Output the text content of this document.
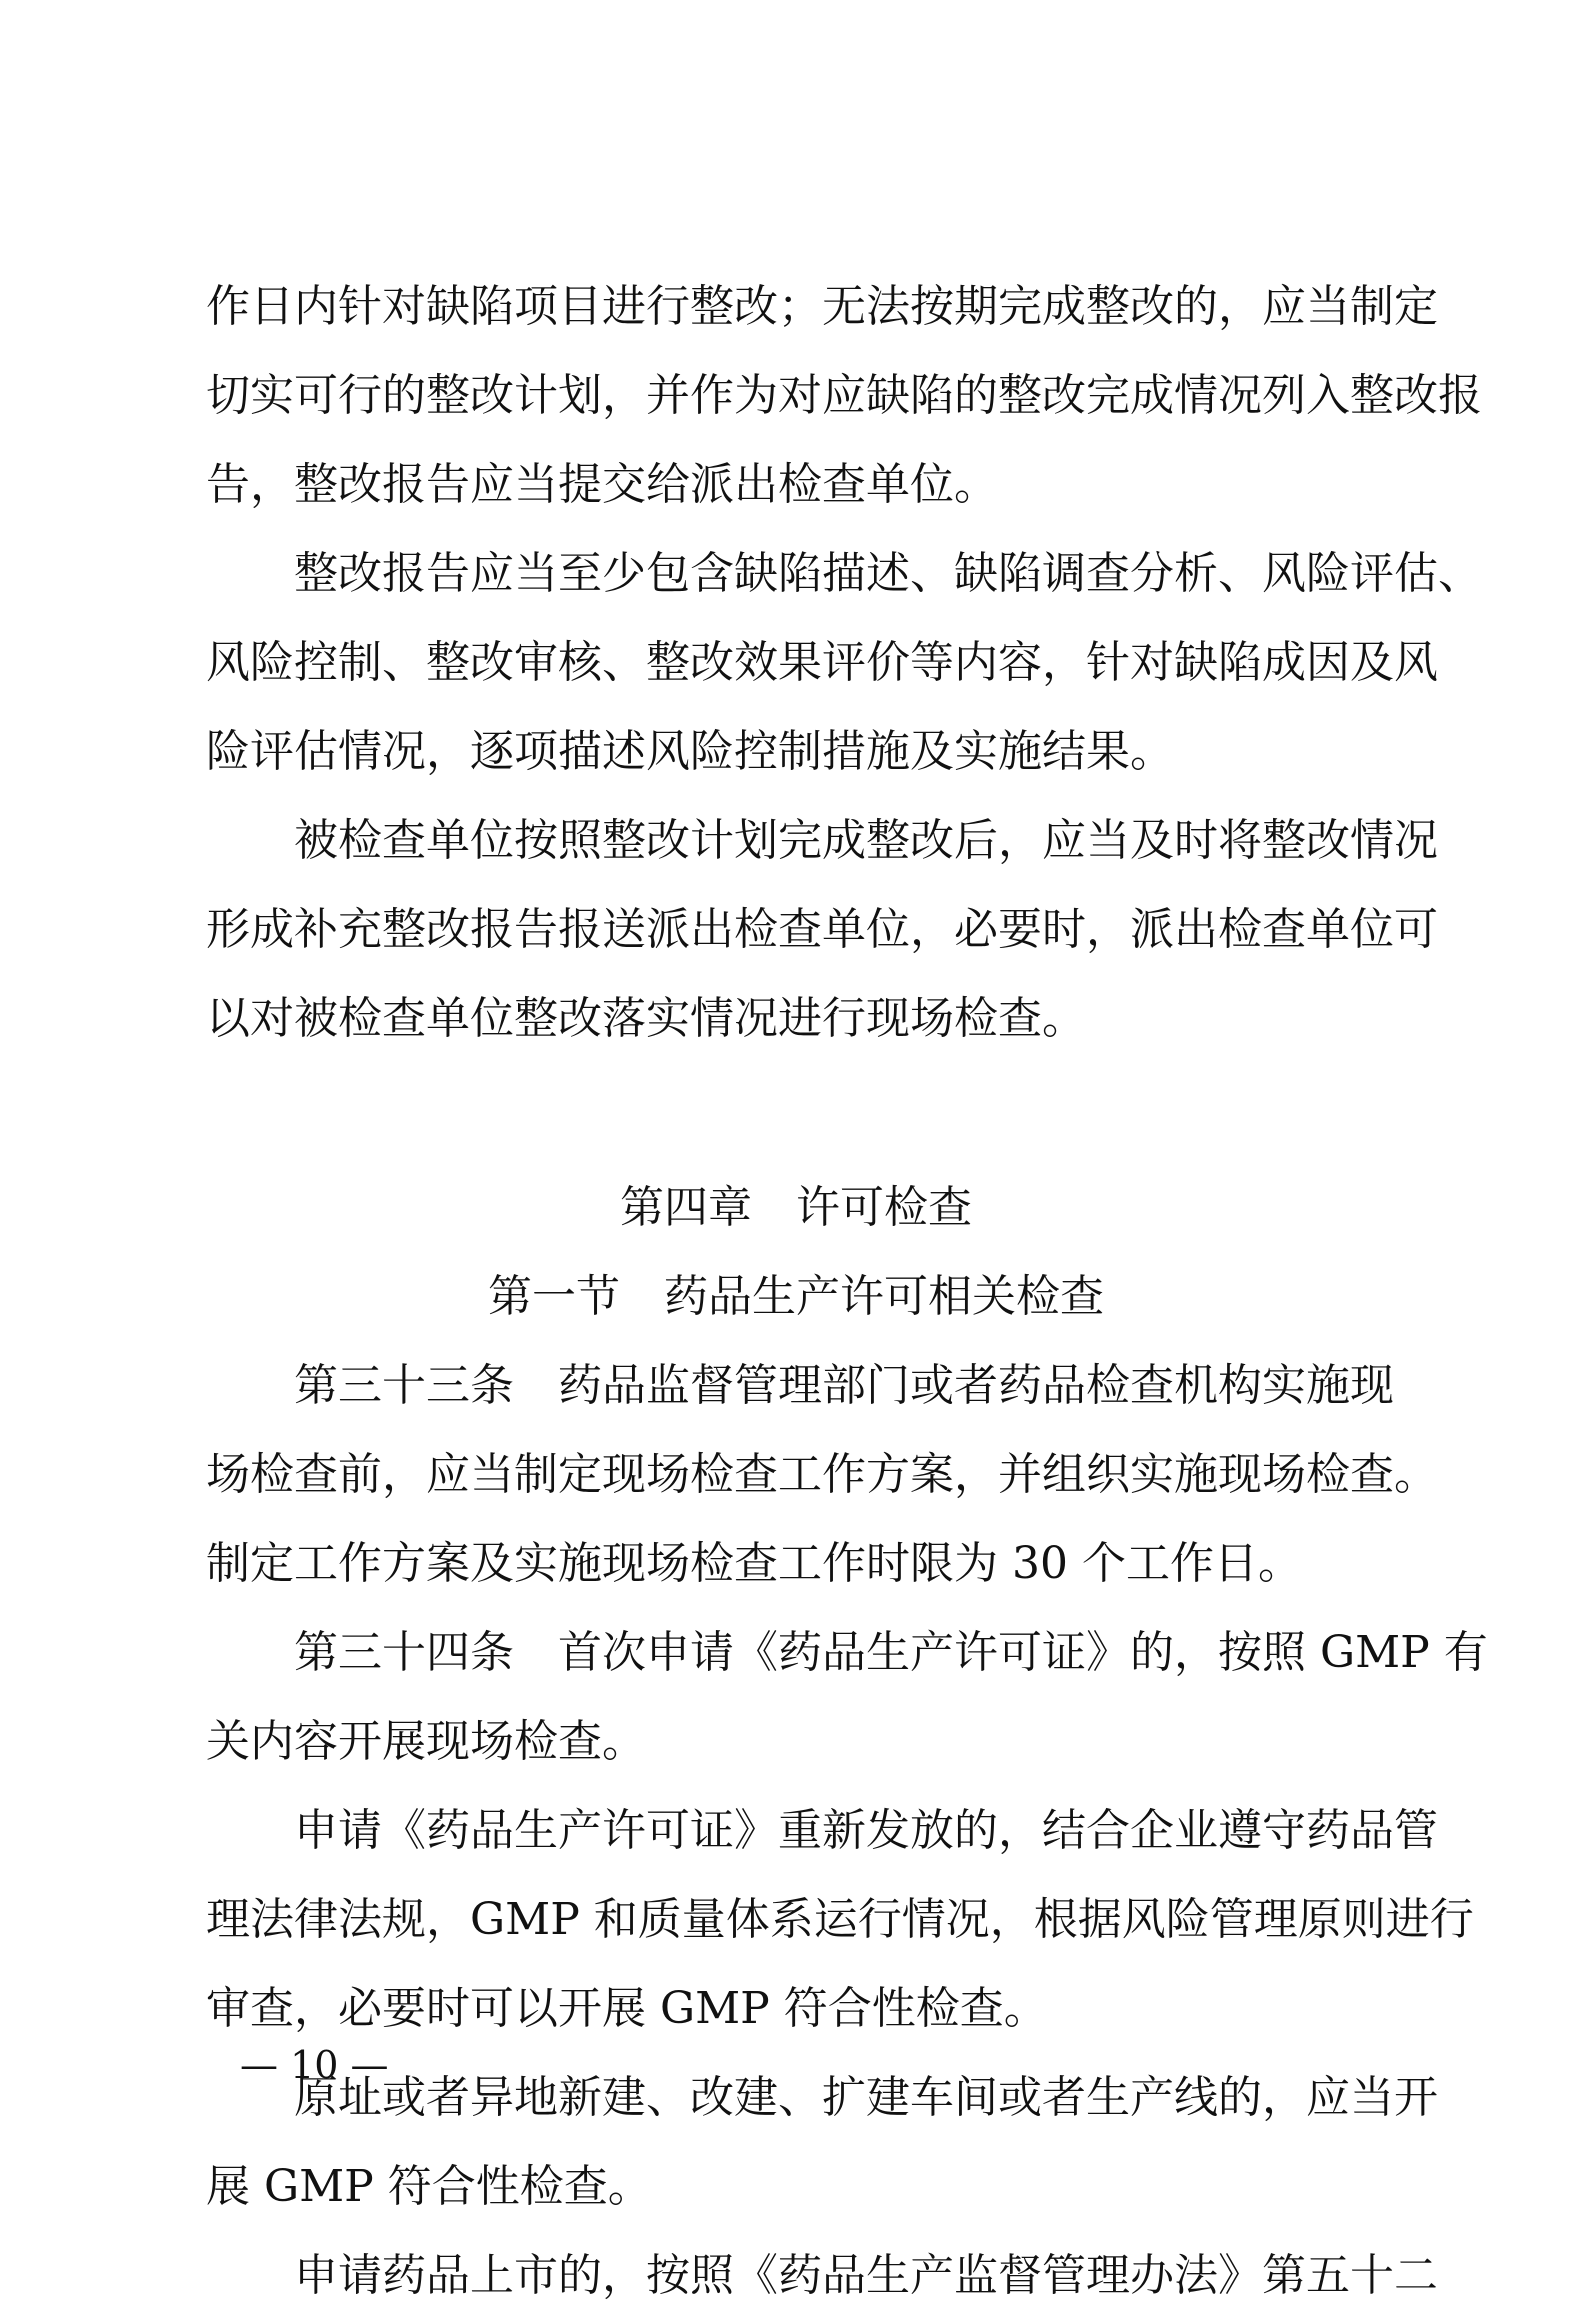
作日内针对缺陷项目进行整改；无法按期完成整改的，应当制定
切实可行的整改计划，并作为对应缺陷的整改完成情况列入整改报
告，整改报告应当提交给派出检查单位。
整改报告应当至少包含缺陷描述、缺陷调查分析、风险评估、
风险控制、整改审核、整改效果评价等内容，针对缺陷成因及风
险评估情况，逐项描述风险控制措施及实施结果。
被检查单位按照整改计划完成整改后，应当及时将整改情况
形成补充整改报告报送派出检查单位，必要时，派出检查单位可
以对被检查单位整改落实情况进行现场检查。
第四章 许可检查
第一节 药品生产许可相关检查
第三十三条 药品监督管理部门或者药品检查机构实施现
场检查前，应当制定现场检查工作方案，并组织实施现场检查。
制定工作方案及实施现场检查工作时限为 30 个工作日。
第三十四条 首次申请《药品生产许可证》的，按照 GMP 有
关内容开展现场检查。
申请《药品生产许可证》重新发放的，结合企业遵守药品管
理法律法规，GMP 和质量体系运行情况，根据风险管理原则进行
审查，必要时可以开展 GMP 符合性检查。
原址或者异地新建、改建、扩建车间或者生产线的，应当开
展 GMP 符合性检查。
申请药品上市的，按照《药品生产监督管理办法》第五十二
— 10 —
